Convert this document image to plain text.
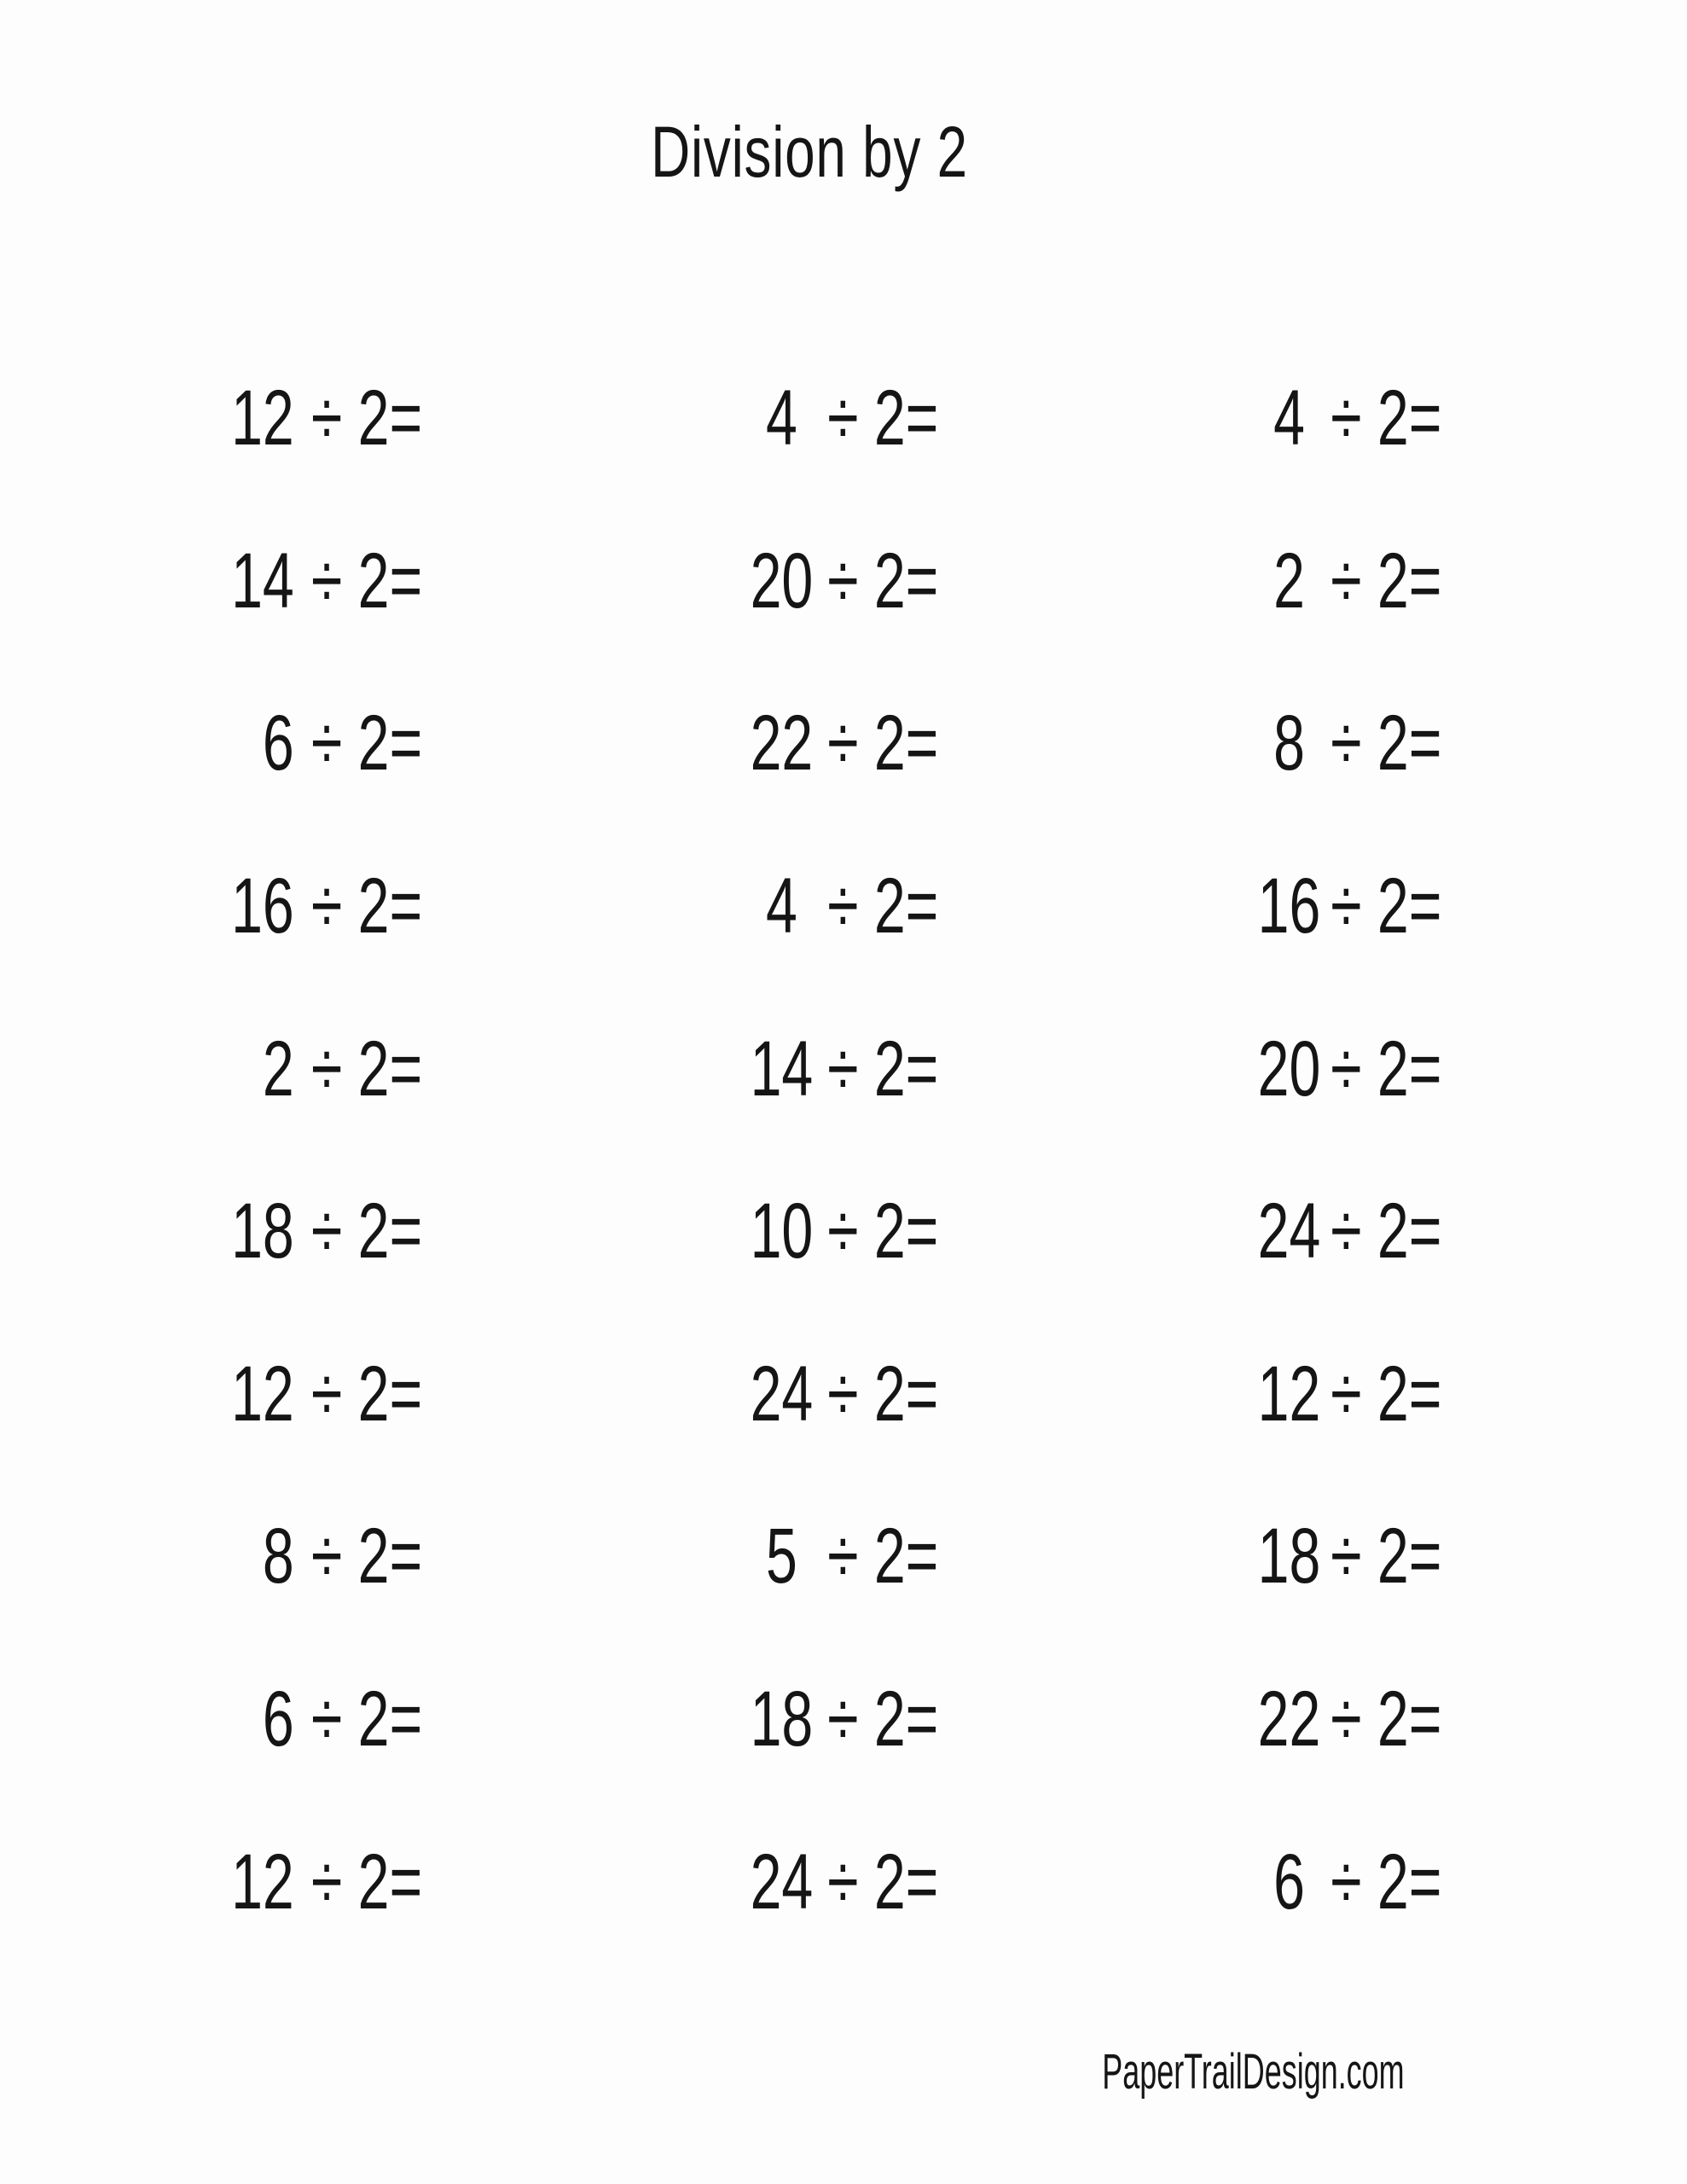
Division by 2
12 ÷ 2=
14 ÷ 2=
6 ÷ 2=
16 ÷ 2=
2 ÷ 2=
18 ÷ 2=
12 ÷ 2=
8 ÷ 2=
6 ÷ 2=
12 ÷ 2=
4 ÷ 2=
20 ÷ 2=
22 ÷ 2=
4 ÷ 2=
14 ÷ 2=
10 ÷ 2=
24 ÷ 2=
5 ÷ 2=
18 ÷ 2=
24 ÷ 2=
4 ÷ 2=
2 ÷ 2=
8 ÷ 2=
16 ÷ 2=
20 ÷ 2=
24 ÷ 2=
12 ÷ 2=
18 ÷ 2=
22 ÷ 2=
6 ÷ 2=
PaperTrailDesign.com
